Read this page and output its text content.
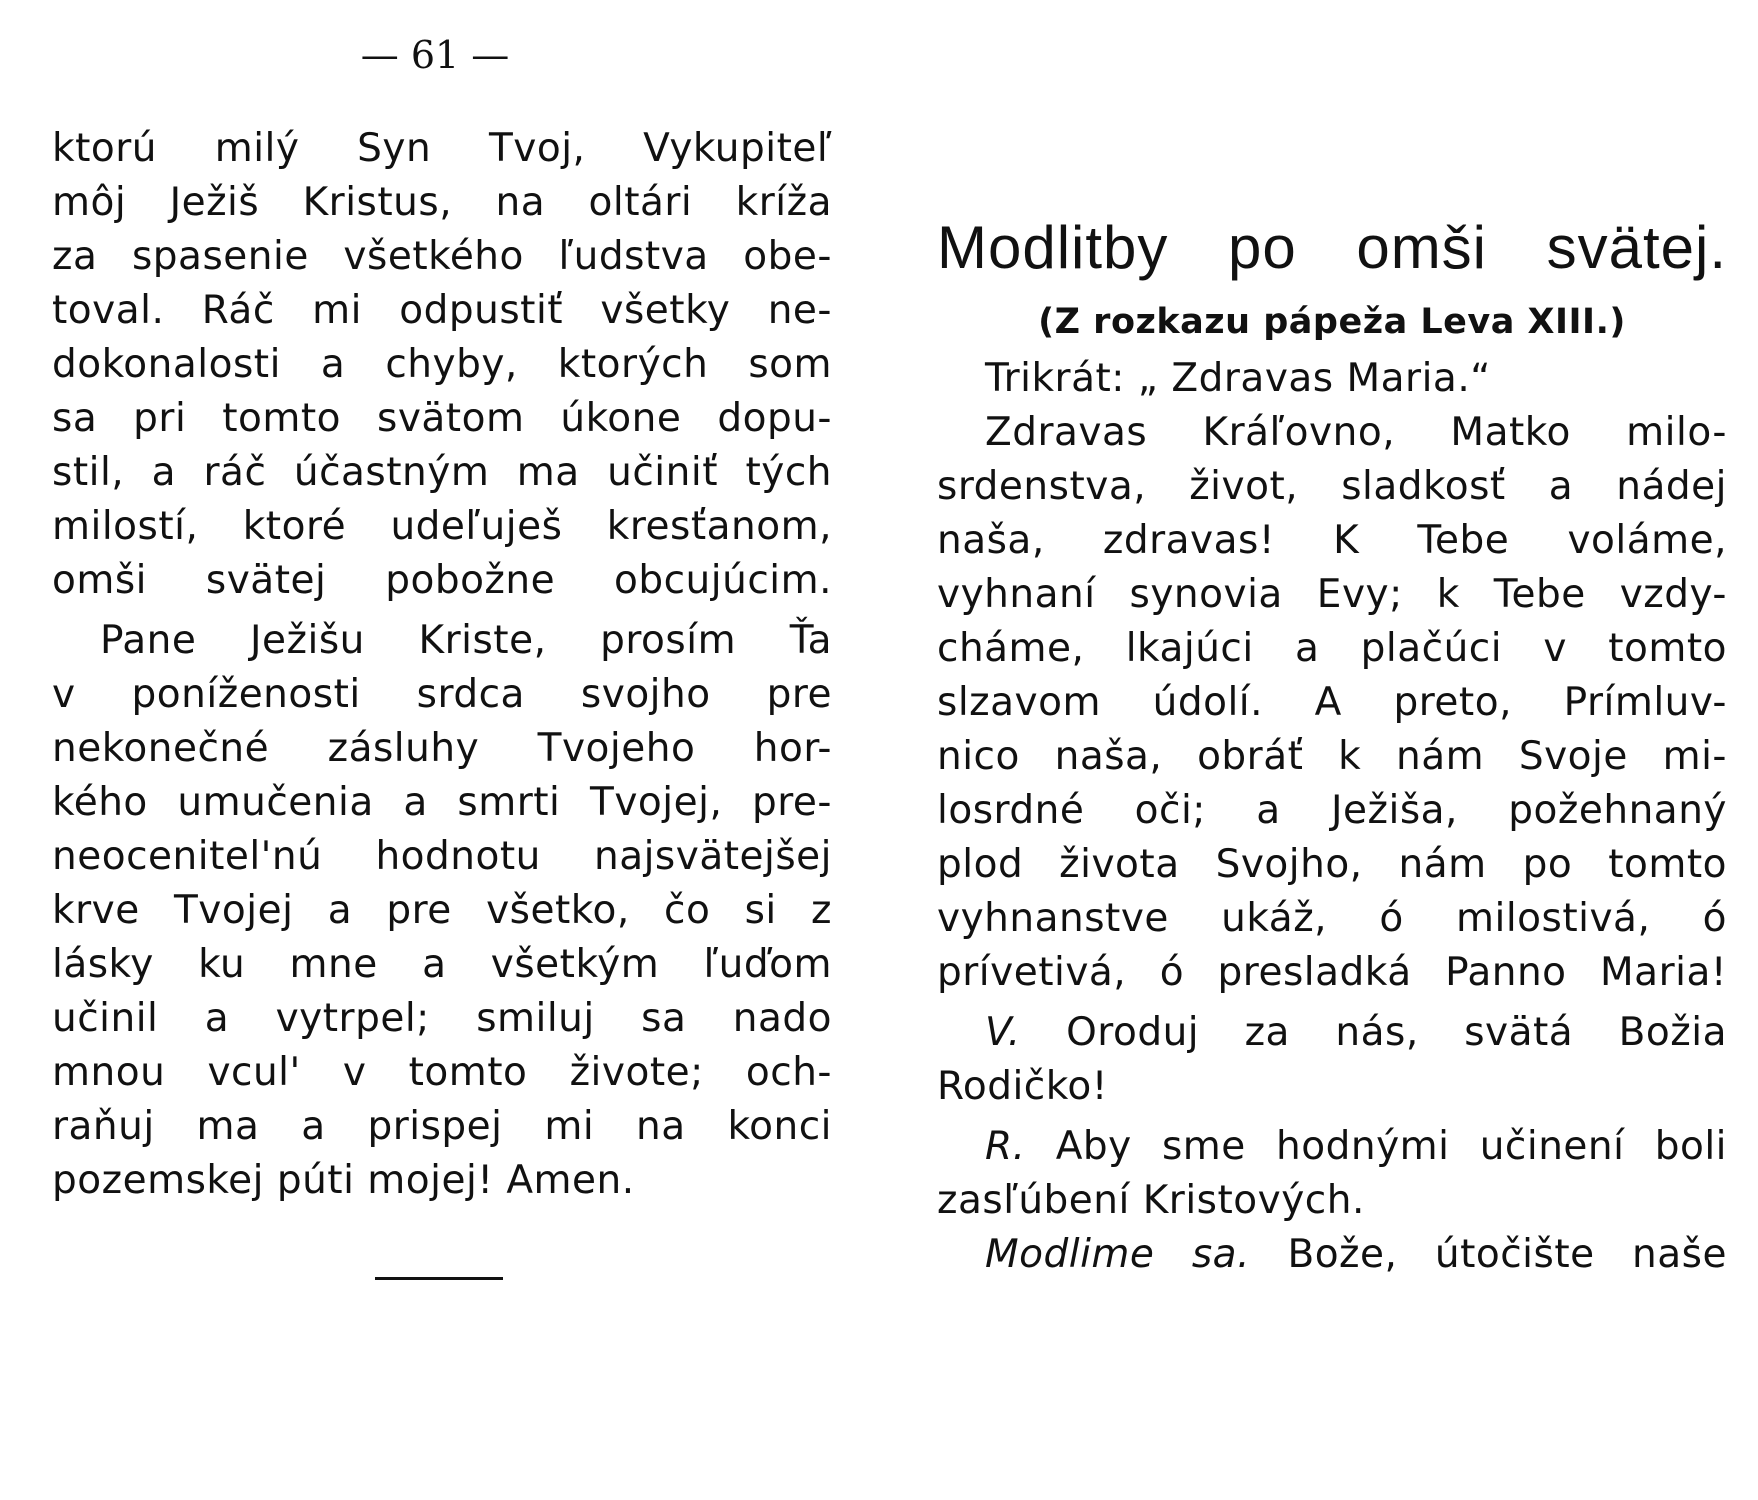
— 61 —
ktorú milý Syn Tvoj, Vykupiteľ
môj Ježiš Kristus, na oltári kríža
za spasenie všetkého ľudstva obe-
toval. Ráč mi odpustiť všetky ne-
dokonalosti a chyby, ktorých som
sa pri tomto svätom úkone dopu-
stil, a ráč účastným ma učiniť tých
milostí, ktoré udeľuješ kresťanom,
omši svätej pobožne obcujúcim.
Pane Ježišu Kriste, prosím Ťa
v poníženosti srdca svojho pre
nekonečné zásluhy Tvojeho hor-
kého umučenia a smrti Tvojej, pre-
neocenitel'nú hodnotu najsvätejšej
krve Tvojej a pre všetko, čo si z
lásky ku mne a všetkým ľuďom
učinil a vytrpel; smiluj sa nado
mnou vcul' v tomto živote; och-
raňuj ma a prispej mi na konci
pozemskej púti mojej! Amen.
Modlitby po omši svätej.
(Z rozkazu pápeža Leva XIII.)
Trikrát: „ Zdravas Maria.“
Zdravas Kráľovno, Matko milo-
srdenstva, život, sladkosť a nádej
naša, zdravas! K Tebe voláme,
vyhnaní synovia Evy; k Tebe vzdy-
cháme, lkajúci a plačúci v tomto
slzavom údolí. A preto, Prímluv-
nico naša, obráť k nám Svoje mi-
losrdné oči; a Ježiša, požehnaný
plod života Svojho, nám po tomto
vyhnanstve ukáž, ó milostivá, ó
prívetivá, ó presladká Panno Maria!
V. Oroduj za nás, svätá Božia
Rodičko!
R. Aby sme hodnými učinení boli
zasľúbení Kristových.
Modlime sa. Bože, útočište naše
